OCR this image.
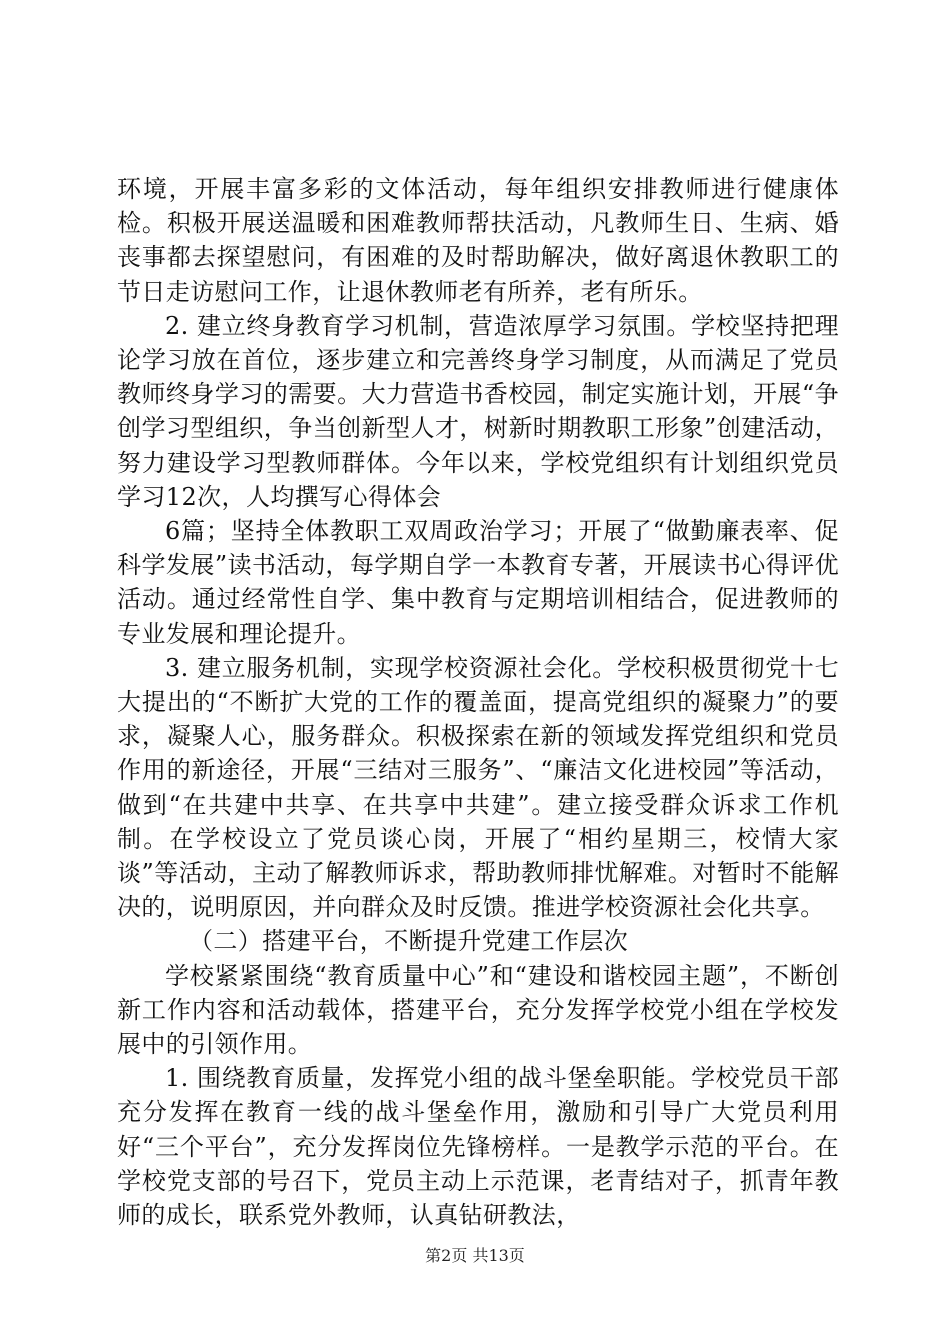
环境，开展丰富多彩的文体活动，每年组织安排教师进行健康体检。积极开展送温暖和困难教师帮扶活动，凡教师生日、生病、婚丧事都去探望慰问，有困难的及时帮助解决，做好离退休教职工的节日走访慰问工作，让退休教师老有所养，老有所乐。

2. 建立终身教育学习机制，营造浓厚学习氛围。学校坚持把理论学习放在首位，逐步建立和完善终身学习制度，从而满足了党员教师终身学习的需要。大力营造书香校园，制定实施计划，开展“争创学习型组织，争当创新型人才，树新时期教职工形象”创建活动，努力建设学习型教师群体。今年以来，学校党组织有计划组织党员学习12次，人均撰写心得体会

6篇；坚持全体教职工双周政治学习；开展了“做勤廉表率、促科学发展”读书活动，每学期自学一本教育专著，开展读书心得评优活动。通过经常性自学、集中教育与定期培训相结合，促进教师的专业发展和理论提升。

3. 建立服务机制，实现学校资源社会化。学校积极贯彻党十七大提出的“不断扩大党的工作的覆盖面，提高党组织的凝聚力”的要求，凝聚人心，服务群众。积极探索在新的领域发挥党组织和党员作用的新途径，开展“三结对三服务”、“廉洁文化进校园”等活动，做到“在共建中共享、在共享中共建”。建立接受群众诉求工作机制。在学校设立了党员谈心岗，开展了“相约星期三，校情大家谈”等活动，主动了解教师诉求，帮助教师排忧解难。对暂时不能解决的，说明原因，并向群众及时反馈。推进学校资源社会化共享。

（二）搭建平台，不断提升党建工作层次

学校紧紧围绕“教育质量中心”和“建设和谐校园主题”，不断创新工作内容和活动载体，搭建平台，充分发挥学校党小组在学校发展中的引领作用。

1. 围绕教育质量，发挥党小组的战斗堡垒职能。学校党员干部充分发挥在教育一线的战斗堡垒作用，激励和引导广大党员利用好“三个平台”，充分发挥岗位先锋榜样。一是教学示范的平台。在学校党支部的号召下，党员主动上示范课，老青结对子，抓青年教师的成长，联系党外教师，认真钻研教法，

第2页 共13页
